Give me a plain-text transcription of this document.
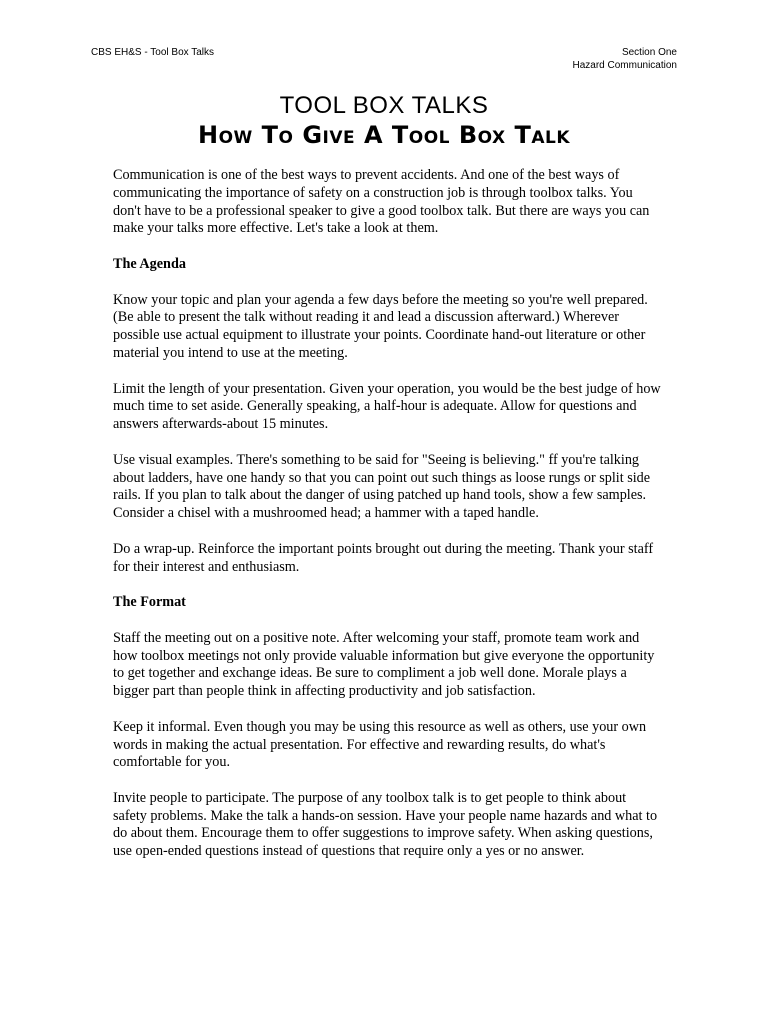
CBS EH&S - Tool Box Talks	Section One
Hazard Communication
TOOL BOX TALKS
How To Give A Tool Box Talk

Communication is one of the best ways to prevent accidents. And one of the best ways of communicating the importance of safety on a construction job is through toolbox talks. You don't have to be a professional speaker to give a good toolbox talk. But there are ways you can make your talks more effective. Let's take a look at them.

The Agenda

Know your topic and plan your agenda a few days before the meeting so you're well prepared. (Be able to present the talk without reading it and lead a discussion afterward.) Wherever possible use actual equipment to illustrate your points. Coordinate hand-out literature or other material you intend to use at the meeting.

Limit the length of your presentation. Given your operation, you would be the best judge of how much time to set aside. Generally speaking, a half-hour is adequate. Allow for questions and answers afterwards-about 15 minutes.

Use visual examples. There's something to be said for "Seeing is believing." ff you're talking about ladders, have one handy so that you can point out such things as loose rungs or split side rails. If you plan to talk about the danger of using patched up hand tools, show a few samples. Consider a chisel with a mushroomed head; a hammer with a taped handle.

Do a wrap-up. Reinforce the important points brought out during the meeting. Thank your staff for their interest and enthusiasm.

The Format

Staff the meeting out on a positive note. After welcoming your staff, promote team work and how toolbox meetings not only provide valuable information but give everyone the opportunity to get together and exchange ideas. Be sure to compliment a job well done. Morale plays a bigger part than people think in affecting productivity and job satisfaction.

Keep it informal. Even though you may be using this resource as well as others, use your own words in making the actual presentation. For effective and rewarding results, do what's comfortable for you.

Invite people to participate. The purpose of any toolbox talk is to get people to think about safety problems. Make the talk a hands-on session. Have your people name hazards and what to do about them. Encourage them to offer suggestions to improve safety. When asking questions, use open-ended questions instead of questions that require only a yes or no answer.
